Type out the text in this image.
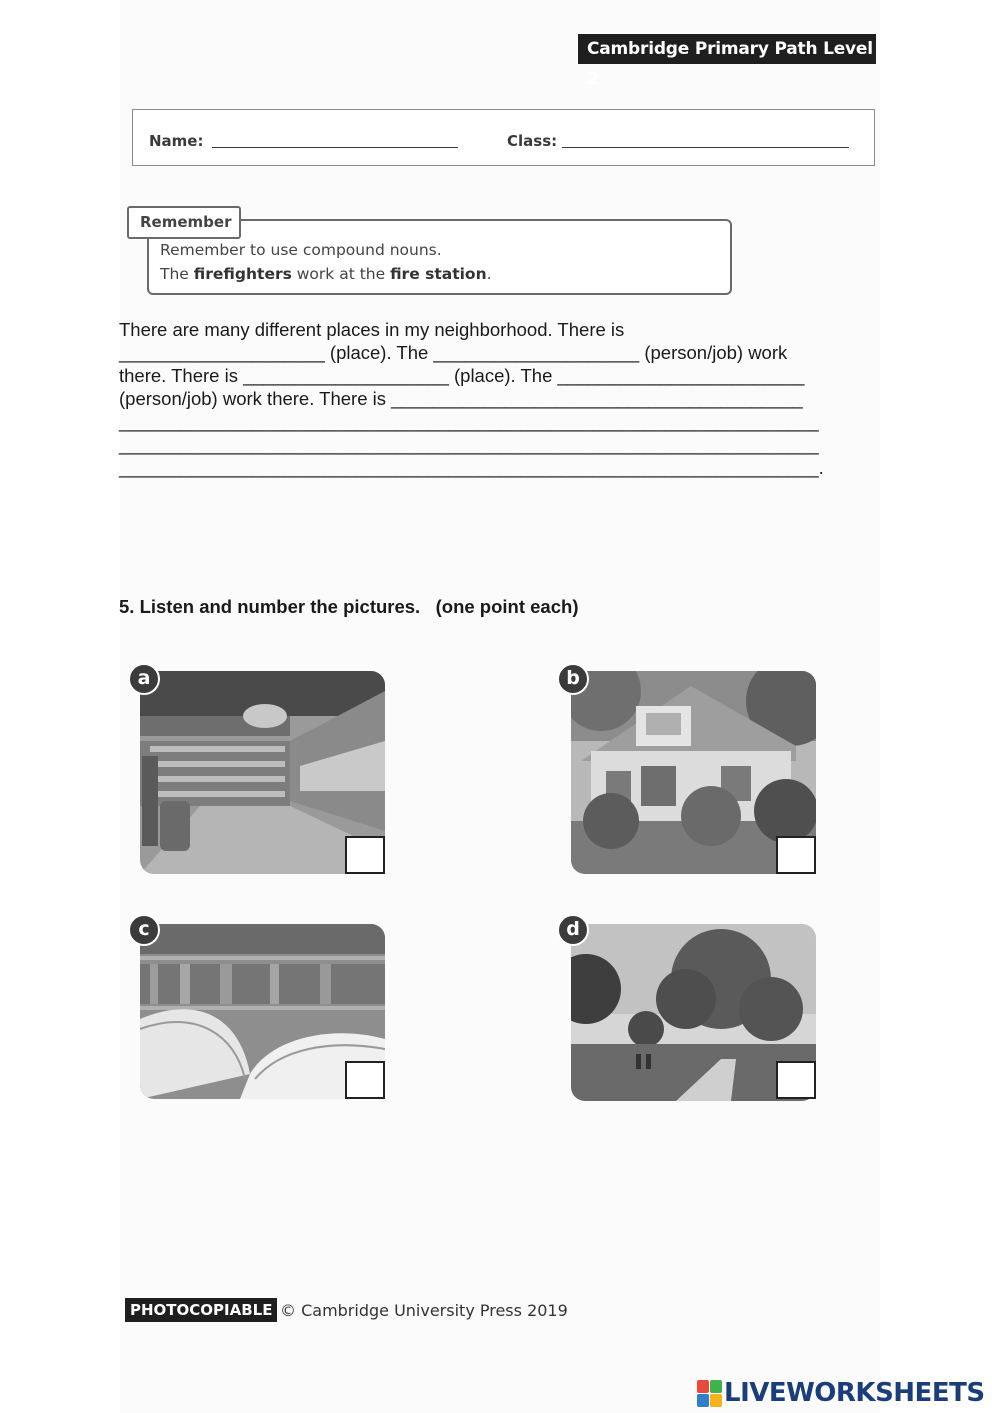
Cambridge Primary Path Level 2
Name:	Class:
Remember
Remember to use compound nouns.
The firefighters work at the fire station.
There are many different places in my neighborhood. There is
____________________ (place). The ____________________ (person/job) work
there. There is ____________________ (place). The ________________________
(person/job) work there. There is ________________________________________
____________________________________________________________________
____________________________________________________________________
____________________________________________________________________.
5. Listen and number the pictures.   (one point each)
a	b
c	d
PHOTOCOPIABLE © Cambridge University Press 2019
LIVEWORKSHEETS
